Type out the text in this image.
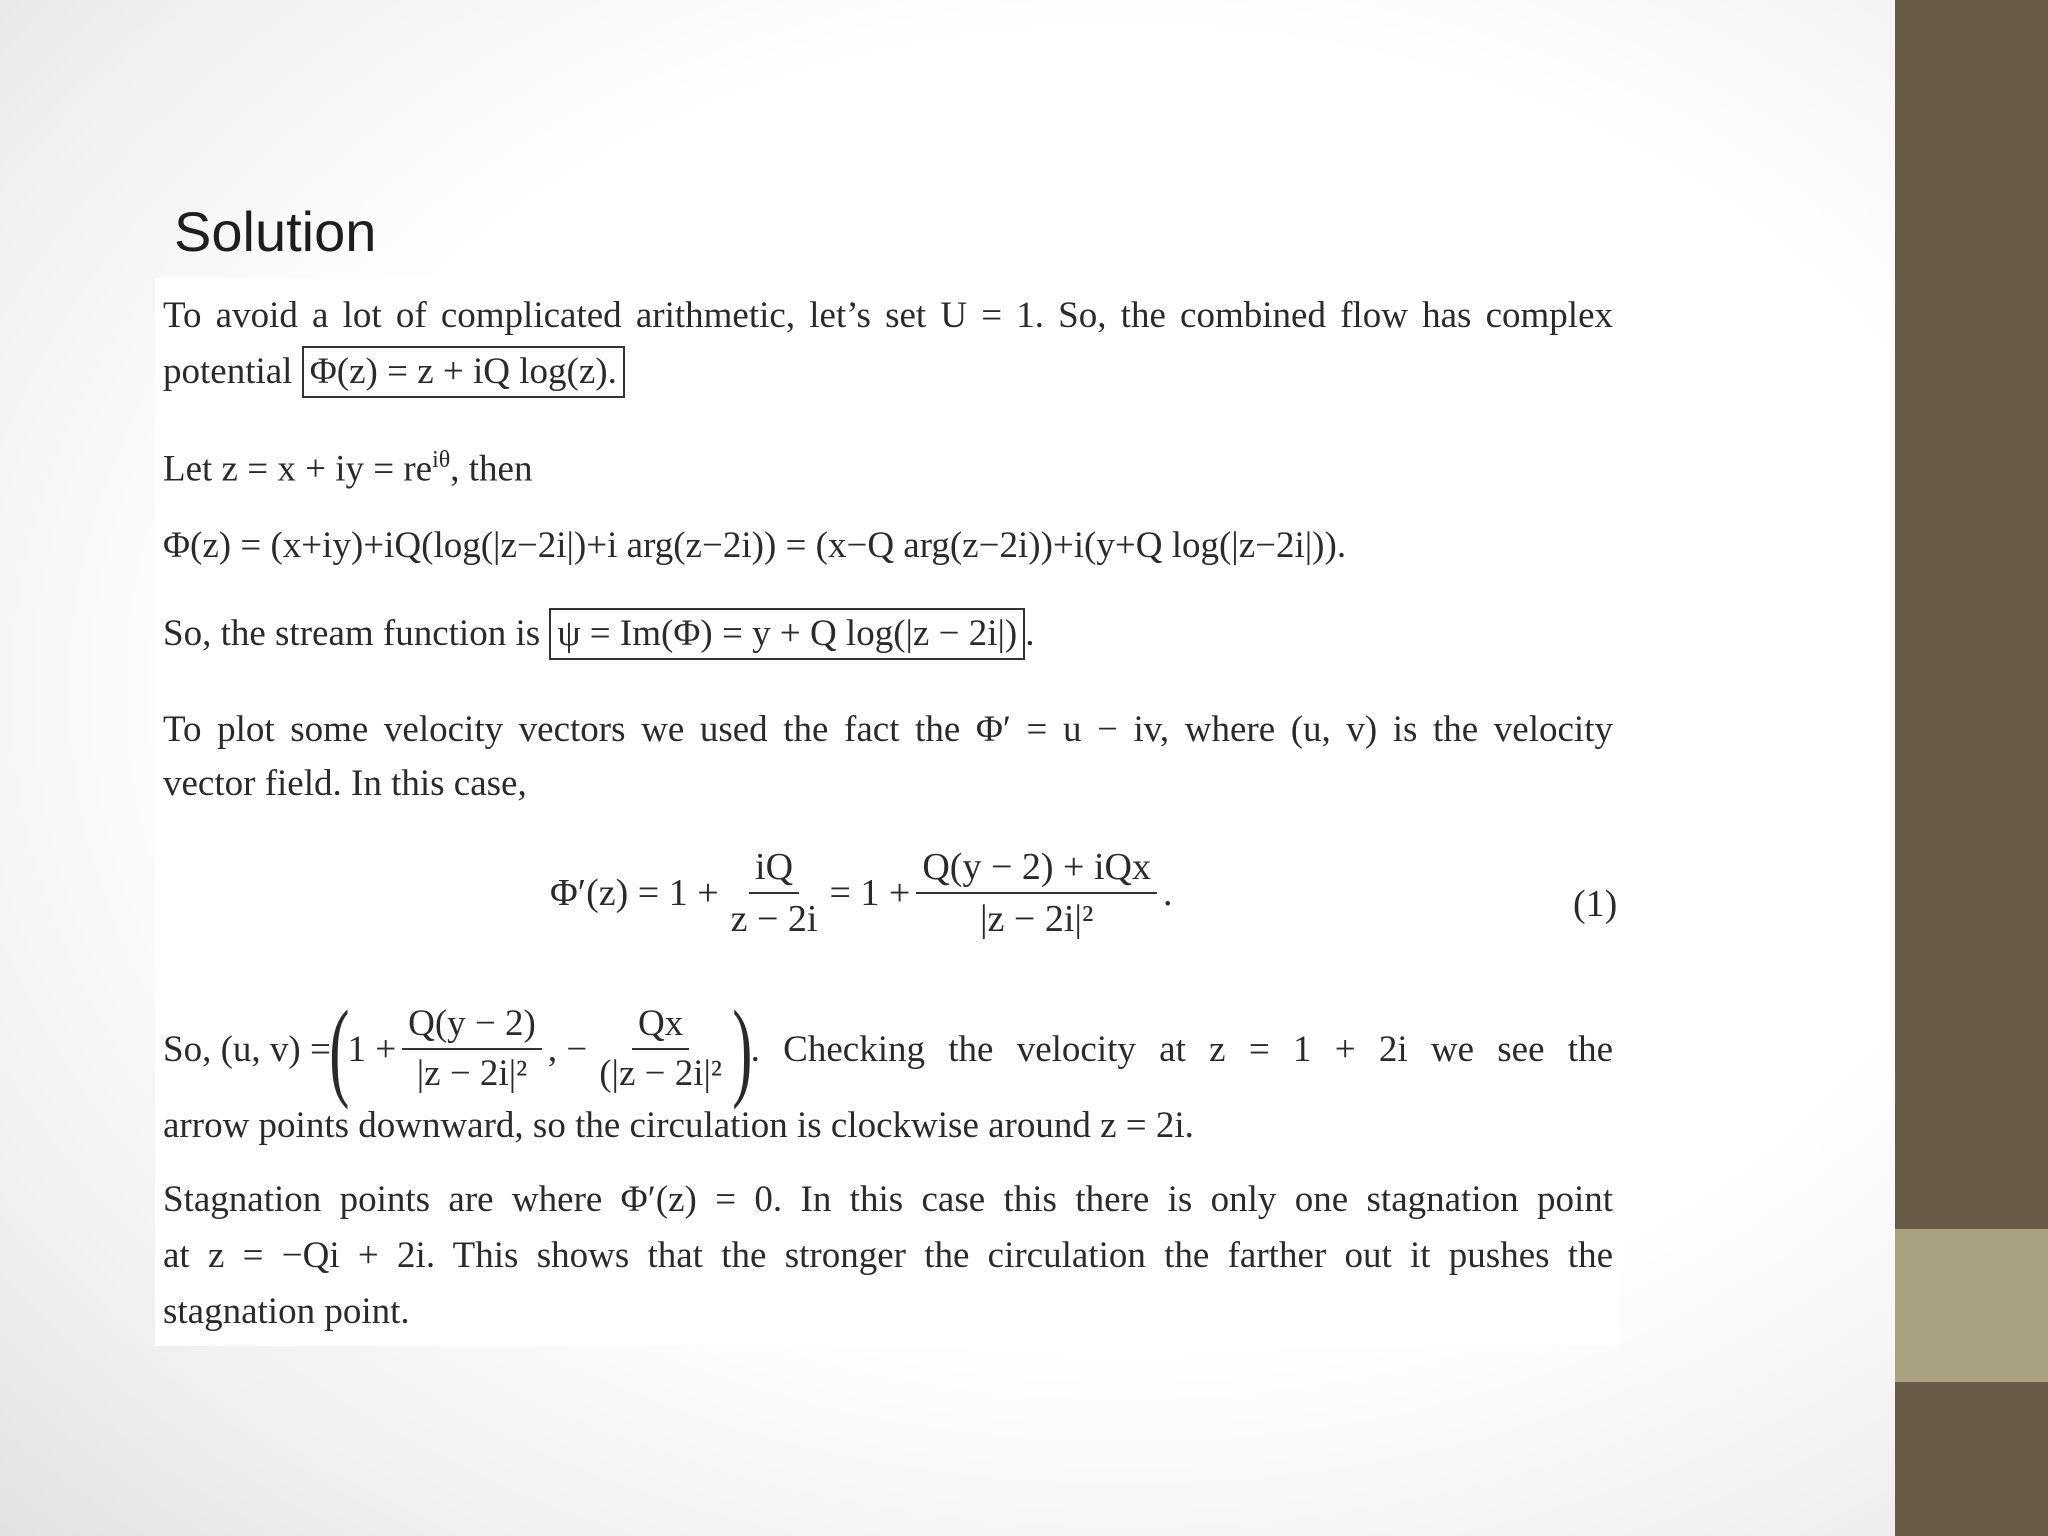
Solution
To avoid a lot of complicated arithmetic, let’s set U = 1. So, the combined flow has complex
potential Φ(z) = z + iQ log(z).
Let z = x + iy = $re^{i\theta}$, then
Φ(z) = (x+iy)+iQ(log(|z−2i|)+i arg(z−2i)) = (x−Q arg(z−2i))+i(y+Q log(|z−2i|)).
So, the stream function is ψ = Im(Φ) = y + Q log(|z − 2i|) .
To plot some velocity vectors we used the fact the Φ′ = u − iv, where (u, v) is the velocity
vector field. In this case,
$\Phi'(z) = 1 + \frac{iQ}{z - 2i} = 1 + \frac{\text{Q(y − 2) + iQx}}{\text{|z − 2i|²}}$ .	(1)
So, (u, v) =
(
$1 + \frac{Q(y - 2)}{\text{|z − 2i|²}}$ , − $\frac{Qx}{\text{(|z − 2i|²}}$ )
. Checking the velocity at z = 1 + 2i we see the
arrow points downward, so the circulation is clockwise around z = 2i.
Stagnation points are where Φ′(z) = 0. In this case this there is only one stagnation point
at z = −Qi + 2i. This shows that the stronger the circulation the farther out it pushes the
stagnation point.
